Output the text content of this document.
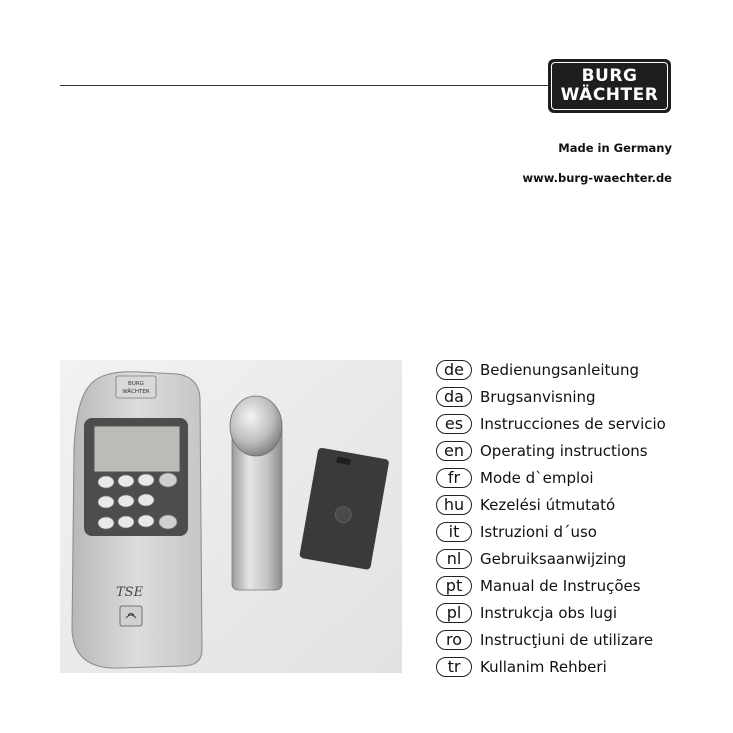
BURG
WÄCHTER
Made in Germany
www.burg-waechter.de
BURG
WÄCHTER
TSE
de	Bedienungsanleitung
da	Brugsanvisning
es	Instrucciones de servicio
en	Operating instructions
fr	Mode d`emploi
hu	Kezelési útmutató
it	Istruzioni d´uso
nl	Gebruiksaanwijzing
pt	Manual de Instruções
pl	Instrukcja obs lugi
ro	Instrucţiuni de utilizare
tr	Kullanim Rehberi
